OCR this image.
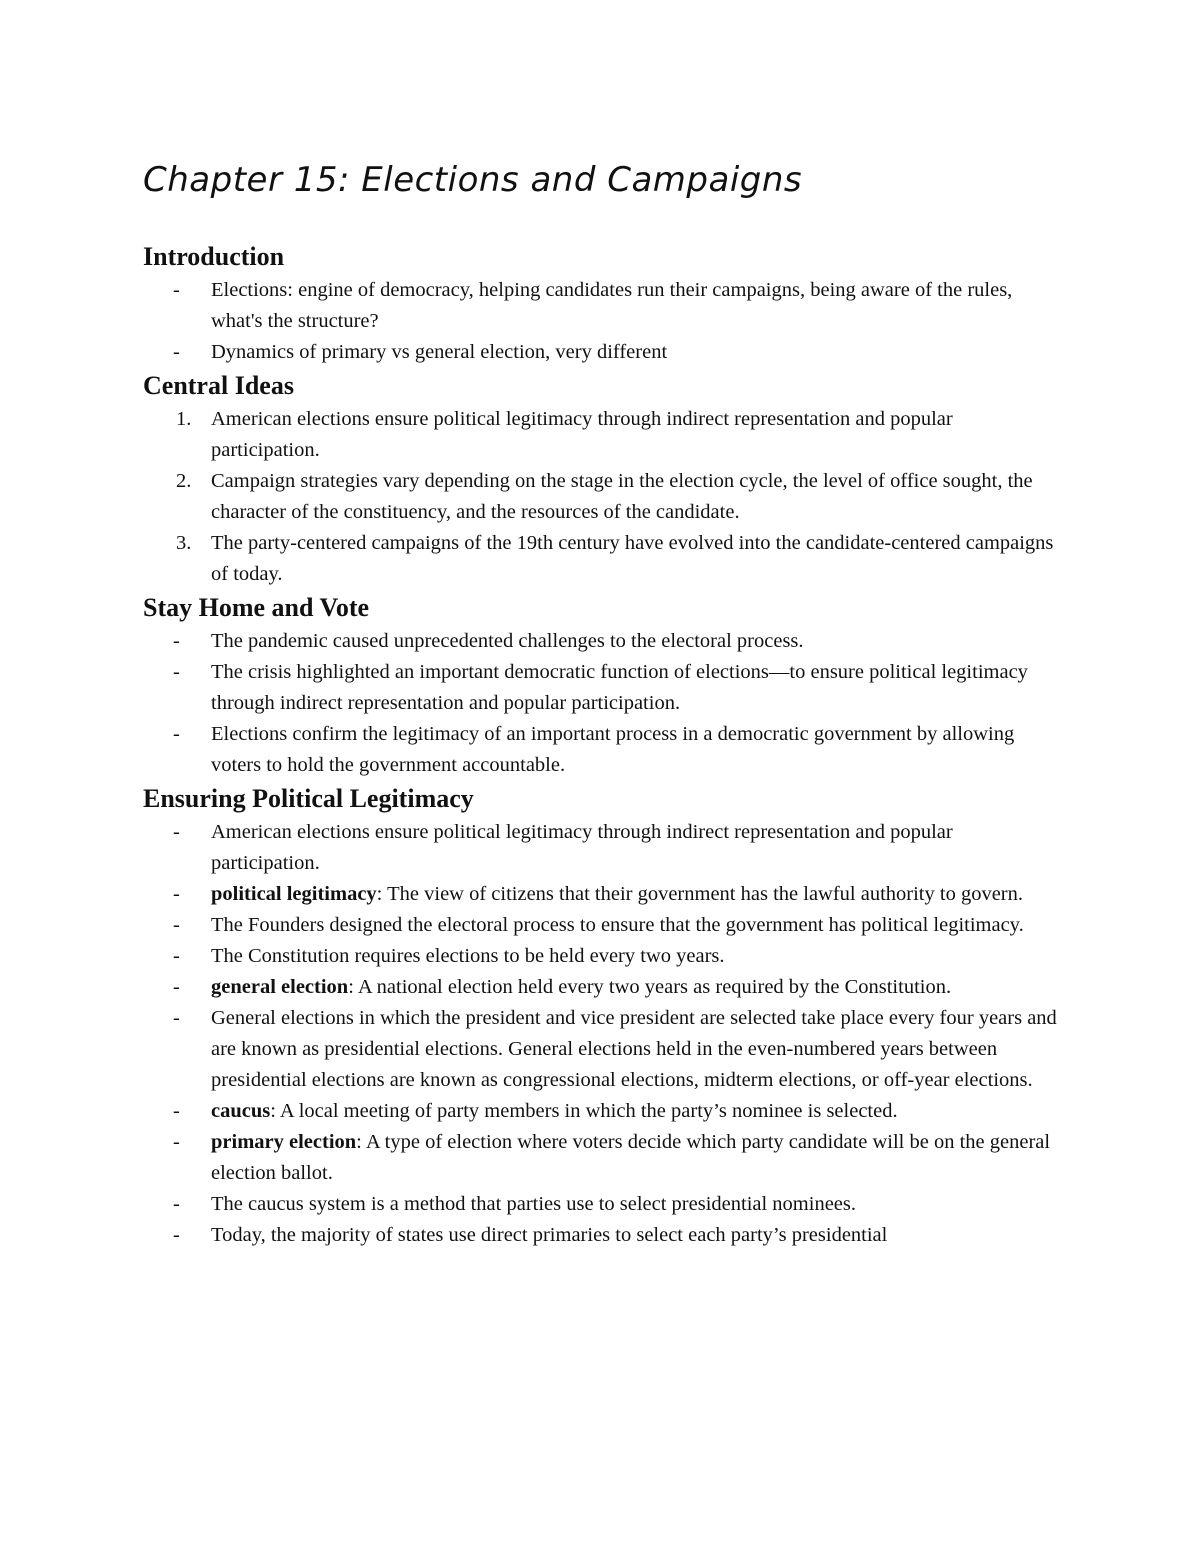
Chapter 15: Elections and Campaigns
Introduction
-	Elections: engine of democracy, helping candidates run their campaigns, being aware of the rules, what's the structure?
-	Dynamics of primary vs general election, very different
Central Ideas
1. American elections ensure political legitimacy through indirect representation and popular participation.
2. Campaign strategies vary depending on the stage in the election cycle, the level of office sought, the character of the constituency, and the resources of the candidate.
3. The party-centered campaigns of the 19th century have evolved into the candidate-centered campaigns of today.
Stay Home and Vote
-	The pandemic caused unprecedented challenges to the electoral process.
-	The crisis highlighted an important democratic function of elections—to ensure political legitimacy through indirect representation and popular participation.
-	Elections confirm the legitimacy of an important process in a democratic government by allowing voters to hold the government accountable.
Ensuring Political Legitimacy
-	American elections ensure political legitimacy through indirect representation and popular participation.
-	political legitimacy: The view of citizens that their government has the lawful authority to govern.
-	The Founders designed the electoral process to ensure that the government has political legitimacy.
-	The Constitution requires elections to be held every two years.
-	general election: A national election held every two years as required by the Constitution.
-	General elections in which the president and vice president are selected take place every four years and are known as presidential elections. General elections held in the even-numbered years between presidential elections are known as congressional elections, midterm elections, or off-year elections.
-	caucus: A local meeting of party members in which the party’s nominee is selected.
-	primary election: A type of election where voters decide which party candidate will be on the general election ballot.
-	The caucus system is a method that parties use to select presidential nominees.
-	Today, the majority of states use direct primaries to select each party’s presidential
